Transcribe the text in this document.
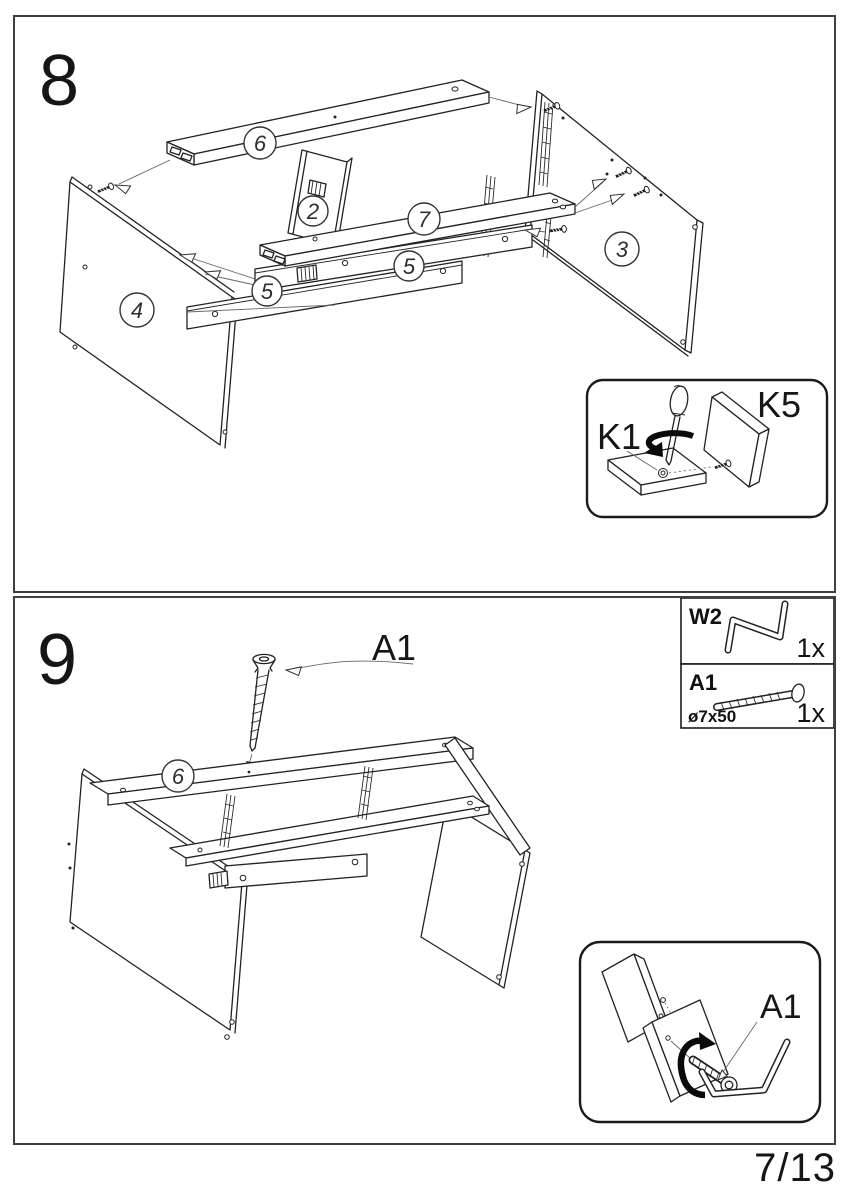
8
6
2	7
5
5
3
4
K1
K5
9
W2
1x
A1
ø7x50 1x
A1
6
A1
7/13
